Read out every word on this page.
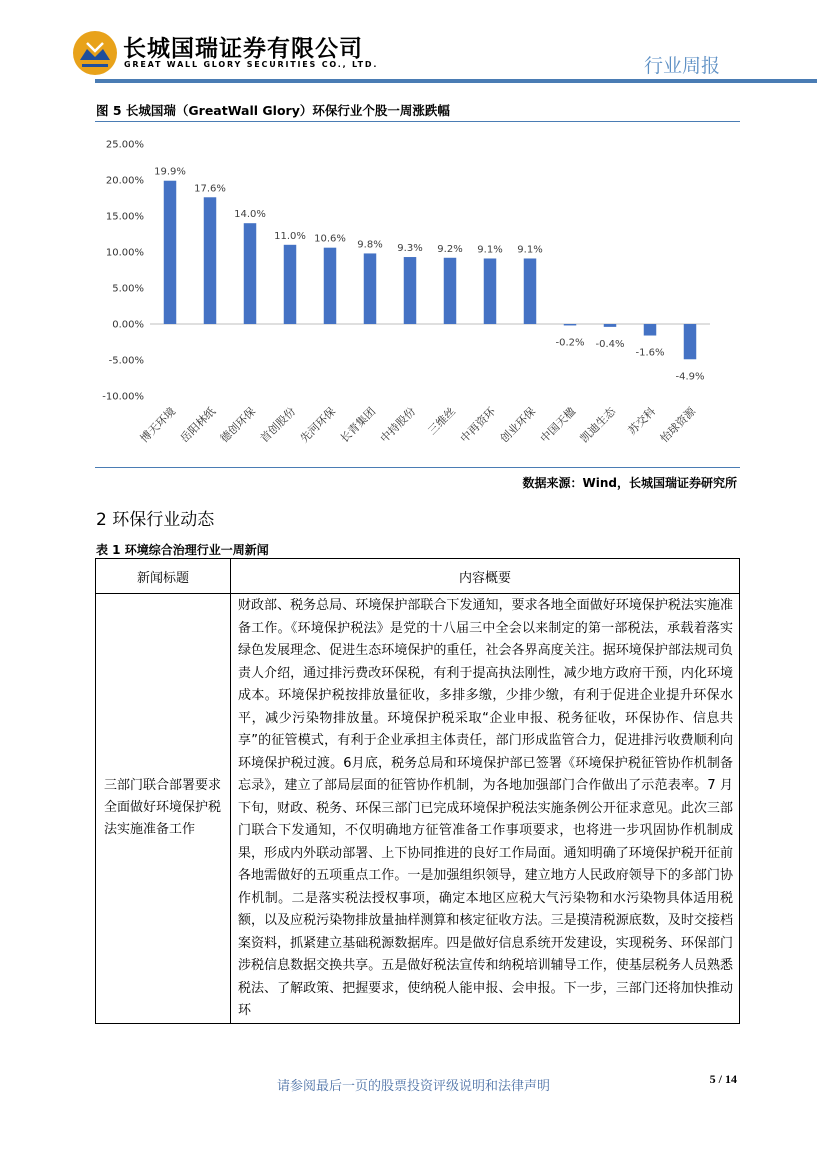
长城国瑞证券有限公司
GREAT WALL GLORY SECURITIES CO., LTD.	行业周报
图 5 长城国瑞（GreatWall Glory）环保行业个股一周涨跌幅
25.00%
20.00%
15.00%
10.00%
5.00%
0.00%
-5.00%
-10.00%
19.9%
博天环境
17.6%
岳阳林纸
14.0%
德创环保
11.0%
首创股份
10.6%
先河环保
9.8%
长青集团
9.3%
中持股份
9.2%
三维丝
9.1%
中再资环
9.1%
创业环保
-0.2%
中国天楹
-0.4%
凯迪生态
-1.6%
苏交科
-4.9%
怡球资源
数据来源：Wind，长城国瑞证券研究所
2 环保行业动态
表 1 环境综合治理行业一周新闻
新闻标题	内容概要
三部门联合部署要求全面做好环境保护税法实施准备工作	财政部、税务总局、环境保护部联合下发通知，要求各地全面做好环境保护税法实施准备工作。《环境保护税法》是党的十八届三中全会以来制定的第一部税法，承载着落实绿色发展理念、促进生态环境保护的重任，社会各界高度关注。据环境保护部法规司负责人介绍，通过排污费改环保税，有利于提高执法刚性，减少地方政府干预，内化环境成本。环境保护税按排放量征收，多排多缴，少排少缴，有利于促进企业提升环保水平，减少污染物排放量。环境保护税采取“企业申报、税务征收，环保协作、信息共享”的征管模式，有利于企业承担主体责任，部门形成监管合力，促进排污收费顺利向环境保护税过渡。6月底，税务总局和环境保护部已签署《环境保护税征管协作机制备忘录》，建立了部局层面的征管协作机制，为各地加强部门合作做出了示范表率。7 月下旬，财政、税务、环保三部门已完成环境保护税法实施条例公开征求意见。此次三部门联合下发通知，不仅明确地方征管准备工作事项要求，也将进一步巩固协作机制成果，形成内外联动部署、上下协同推进的良好工作局面。通知明确了环境保护税开征前各地需做好的五项重点工作。一是加强组织领导，建立地方人民政府领导下的多部门协作机制。二是落实税法授权事项，确定本地区应税大气污染物和水污染物具体适用税额，以及应税污染物排放量抽样测算和核定征收方法。三是摸清税源底数，及时交接档案资料，抓紧建立基础税源数据库。四是做好信息系统开发建设，实现税务、环保部门涉税信息数据交换共享。五是做好税法宣传和纳税培训辅导工作，使基层税务人员熟悉税法、了解政策、把握要求，使纳税人能申报、会申报。下一步，三部门还将加快推动环
请参阅最后一页的股票投资评级说明和法律声明	5 / 14
